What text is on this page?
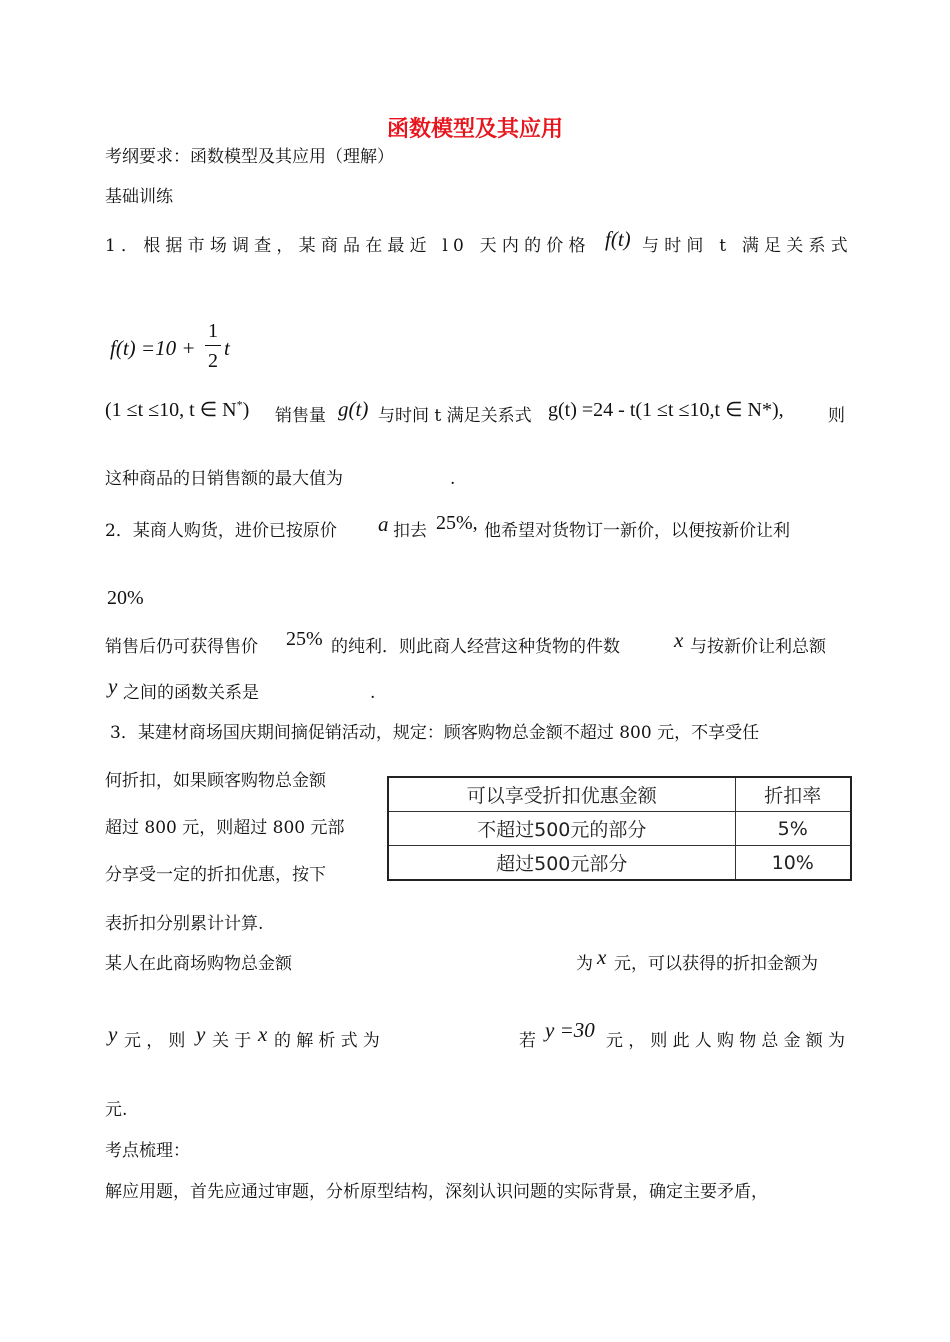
函数模型及其应用
考纲要求：函数模型及其应用（理解）
基础训练
1．根据市场调查，某商品在最近 l0 天内的价格 f(t) 与时间 t 满足关系式
f(t) =10 +
1
2
t
(1 ≤t ≤10, t ∈ N*) 销售量 g(t) 与时间 t 满足关系式 g(t) =24 - t(1 ≤t ≤10,t ∈ N*),	则
这种商品的日销售额的最大值为	.
2．某商人购货，进价已按原价 a 扣去 25%, 他希望对货物订一新价，以便按新价让利
20%
销售后仍可获得售价 25% 的纯利．则此商人经营这种货物的件数	x 与按新价让利总额
y 之间的函数关系是	.
3．某建材商场国庆期间摘促销活动，规定：顾客购物总金额不超过 800 元，不享受任
何折扣，如果顾客购物总金额
超过 800 元，则超过 800 元部
分享受一定的折扣优惠，按下
表折扣分别累计计算.
可以享受折扣优惠金额	折扣率
不超过500元的部分	5%
超过500元部分	10%
某人在此商场购物总金额	为 x 元，可以获得的折扣金额为
y 元，则 y 关于 x 的解析式为	若 y =30 元，则此人购物总金额为
元.
考点梳理：
解应用题，首先应通过审题，分析原型结构，深刻认识问题的实际背景，确定主要矛盾，
